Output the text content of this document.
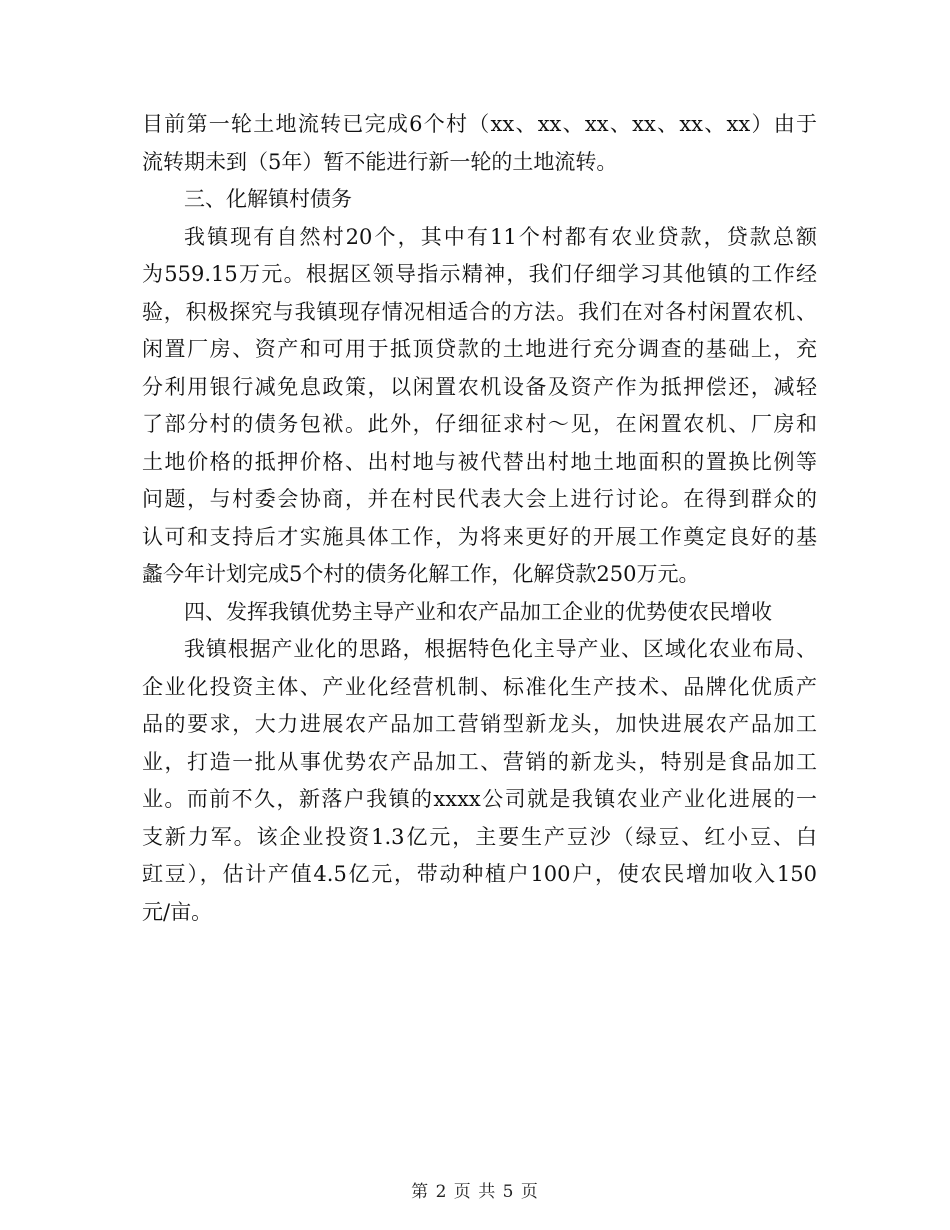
目前第一轮土地流转已完成6个村（xx、xx、xx、xx、xx、xx）由于
流转期未到（5年）暂不能进行新一轮的土地流转。
三、化解镇村债务
我镇现有自然村20个，其中有11个村都有农业贷款，贷款总额
为559.15万元。根据区领导指示精神，我们仔细学习其他镇的工作经
验，积极探究与我镇现存情况相适合的方法。我们在对各村闲置农机、
闲置厂房、资产和可用于抵顶贷款的土地进行充分调查的基础上，充
分利用银行减免息政策，以闲置农机设备及资产作为抵押偿还，减轻
了部分村的债务包袱。此外，仔细征求村～见，在闲置农机、厂房和
土地价格的抵押价格、出村地与被代替出村地土地面积的置换比例等
问题，与村委会协商，并在村民代表大会上进行讨论。在得到群众的
认可和支持后才实施具体工作，为将来更好的开展工作奠定良好的基
蠡今年计划完成5个村的债务化解工作，化解贷款250万元。
四、发挥我镇优势主导产业和农产品加工企业的优势使农民增收
我镇根据产业化的思路，根据特色化主导产业、区域化农业布局、
企业化投资主体、产业化经营机制、标准化生产技术、品牌化优质产
品的要求，大力进展农产品加工营销型新龙头，加快进展农产品加工
业，打造一批从事优势农产品加工、营销的新龙头，特别是食品加工
业。而前不久，新落户我镇的xxxx公司就是我镇农业产业化进展的一
支新力军。该企业投资1.3亿元，主要生产豆沙（绿豆、红小豆、白
豇豆），估计产值4.5亿元，带动种植户100户，使农民增加收入150
元/亩。
第 2 页 共 5 页
